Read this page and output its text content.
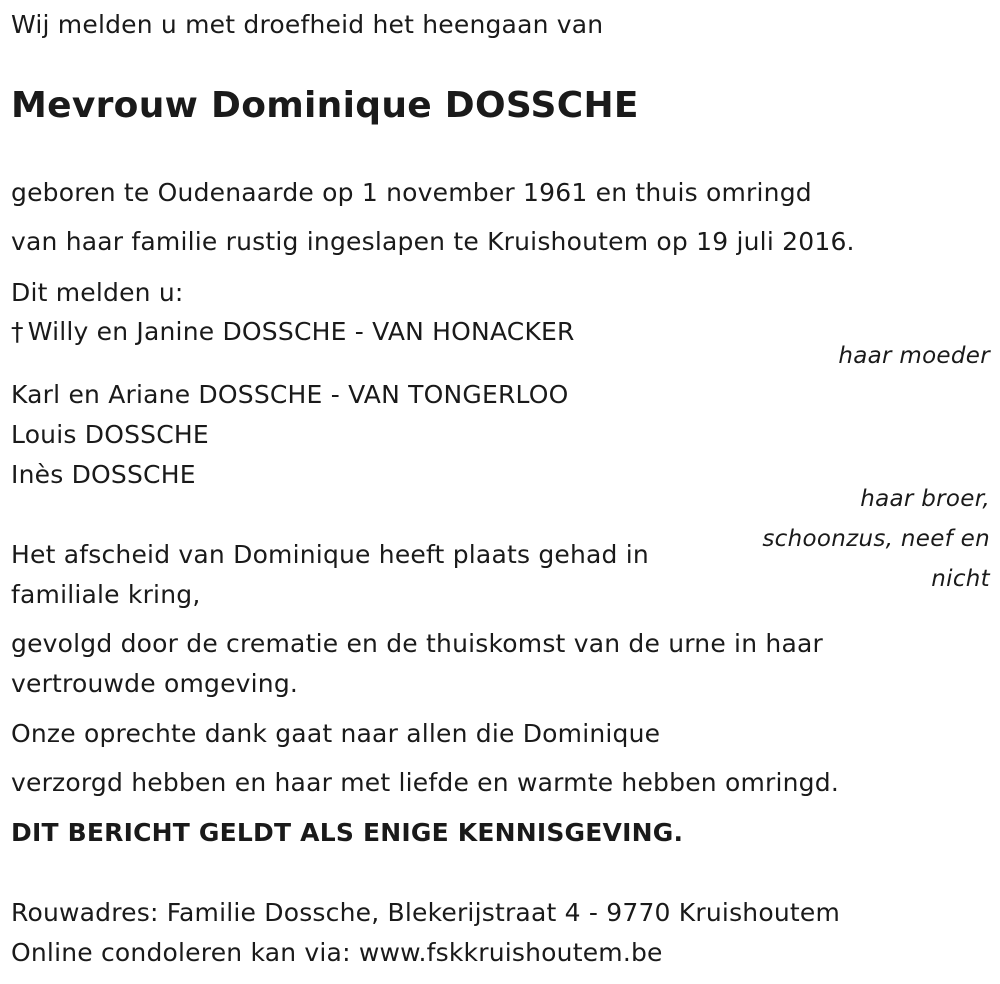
Wij melden u met droefheid het heengaan van
Mevrouw Dominique DOSSCHE
geboren te Oudenaarde op 1 november 1961 en thuis omringd
van haar familie rustig ingeslapen te Kruishoutem op 19 juli 2016.
Dit melden u:
† Willy en Janine DOSSCHE - VAN HONACKER
haar moeder
Karl en Ariane DOSSCHE - VAN TONGERLOO
Louis DOSSCHE
Inès DOSSCHE
haar broer,
schoonzus, neef en
nicht
Het afscheid van Dominique heeft plaats gehad in
familiale kring,
gevolgd door de crematie en de thuiskomst van de urne in haar
vertrouwde omgeving.
Onze oprechte dank gaat naar allen die Dominique
verzorgd hebben en haar met liefde en warmte hebben omringd.
DIT BERICHT GELDT ALS ENIGE KENNISGEVING.
Rouwadres: Familie Dossche, Blekerijstraat 4 - 9770 Kruishoutem
Online condoleren kan via: www.fskkruishoutem.be
